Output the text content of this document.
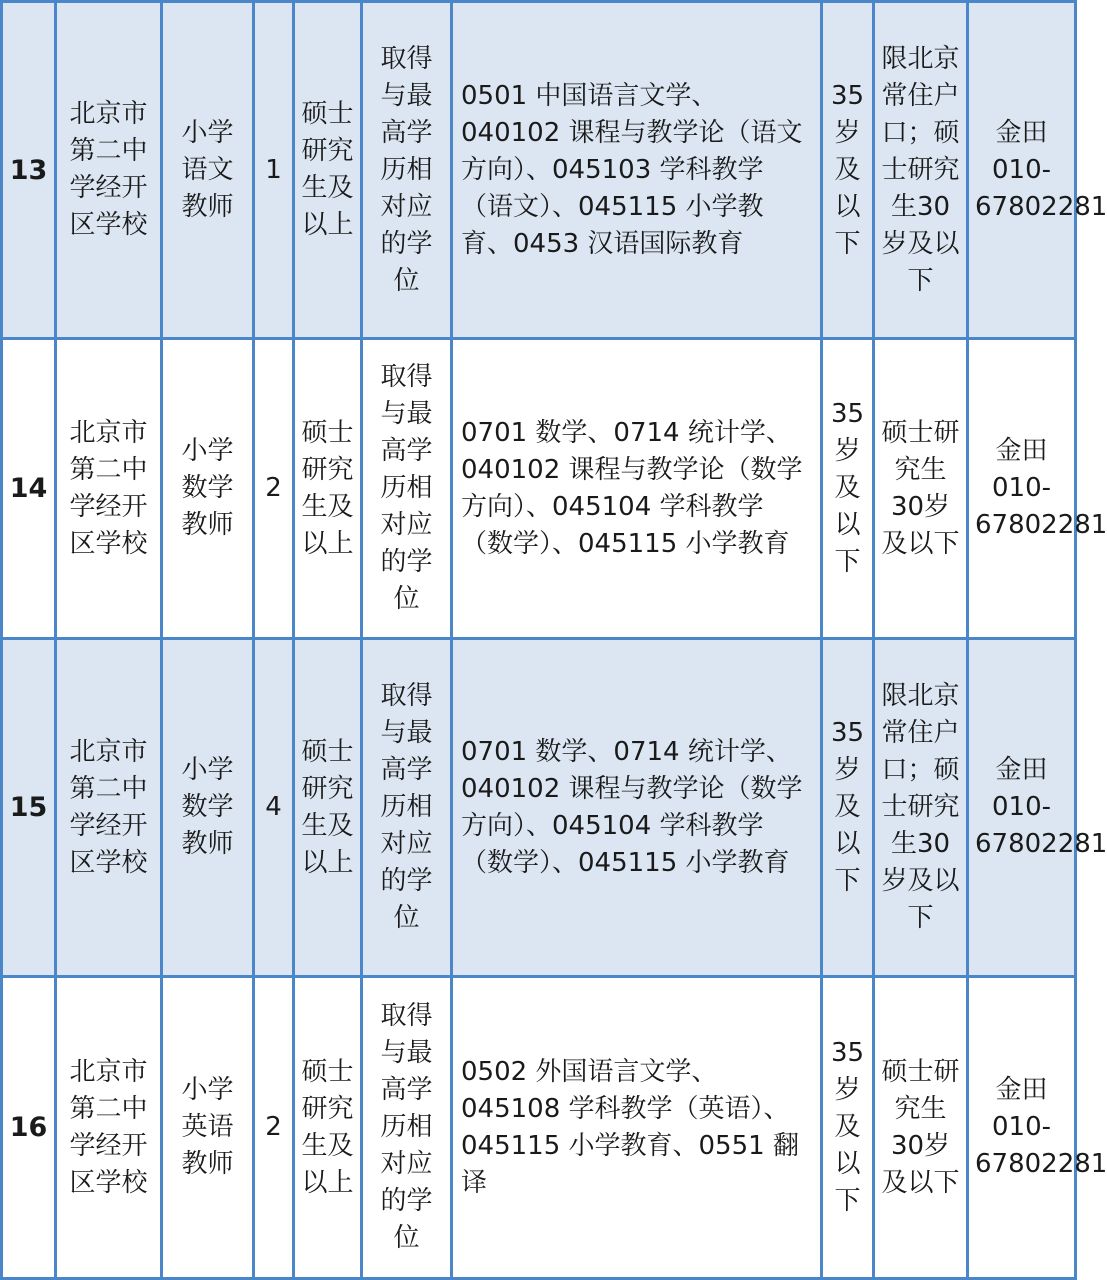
13	北京市第二中学经开区学校	小学语文教师	1	硕士研究生及以上	取得与最高学历相对应的学位	0501 中国语言文学、040102 课程与教学论（语文方向）、045103 学科教学（语文）、045115 小学教育、0453 汉语国际教育	35岁及以下	限北京常住户口；硕士研究生30岁及以下	金田 010-67802281
14	北京市第二中学经开区学校	小学数学教师	2	硕士研究生及以上	取得与最高学历相对应的学位	0701 数学、0714 统计学、040102 课程与教学论（数学方向）、045104 学科教学（数学）、045115 小学教育	35岁及以下	硕士研究生30岁及以下	金田 010-67802281
15	北京市第二中学经开区学校	小学数学教师	4	硕士研究生及以上	取得与最高学历相对应的学位	0701 数学、0714 统计学、040102 课程与教学论（数学方向）、045104 学科教学（数学）、045115 小学教育	35岁及以下	限北京常住户口；硕士研究生30岁及以下	金田 010-67802281
16	北京市第二中学经开区学校	小学英语教师	2	硕士研究生及以上	取得与最高学历相对应的学位	0502 外国语言文学、045108 学科教学（英语）、045115 小学教育、0551 翻译	35岁及以下	硕士研究生30岁及以下	金田 010-67802281
